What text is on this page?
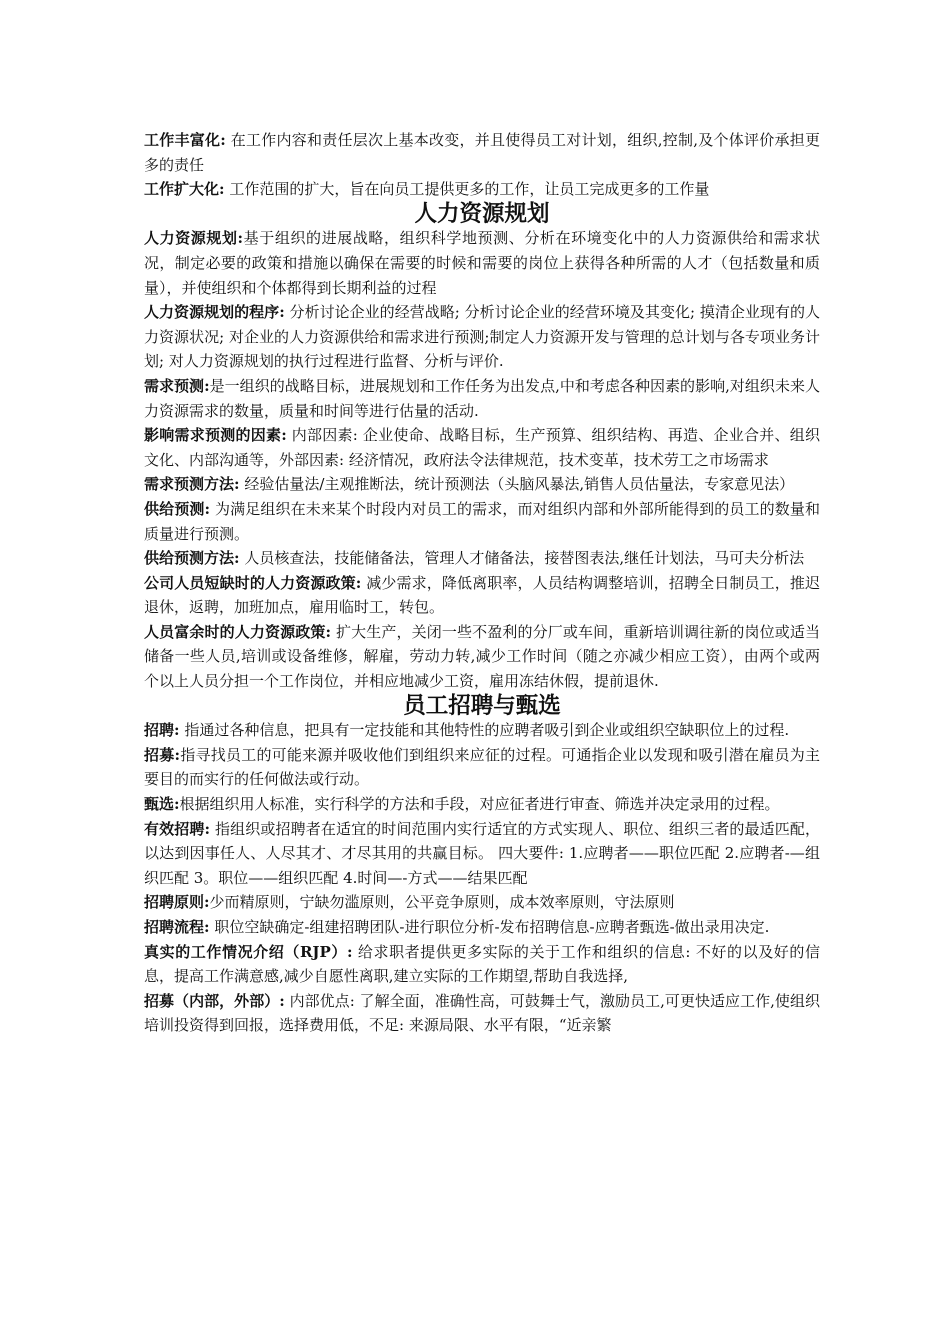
工作丰富化: 在工作内容和责任层次上基本改变，并且使得员工对计划，组织,控制,及个体评价承担更多的责任

工作扩大化: 工作范围的扩大，旨在向员工提供更多的工作，让员工完成更多的工作量

人力资源规划

人力资源规划:基于组织的进展战略，组织科学地预测、分析在环境变化中的人力资源供给和需求状况，制定必要的政策和措施以确保在需要的时候和需要的岗位上获得各种所需的人才（包括数量和质量），并使组织和个体都得到长期利益的过程

人力资源规划的程序: 分析讨论企业的经营战略; 分析讨论企业的经营环境及其变化; 摸清企业现有的人力资源状况; 对企业的人力资源供给和需求进行预测;制定人力资源开发与管理的总计划与各专项业务计划; 对人力资源规划的执行过程进行监督、分析与评价.

需求预测:是一组织的战略目标，进展规划和工作任务为出发点,中和考虑各种因素的影响,对组织未来人力资源需求的数量，质量和时间等进行估量的活动.

影响需求预测的因素: 内部因素: 企业使命、战略目标，生产预算、组织结构、再造、企业合并、组织文化、内部沟通等，外部因素: 经济情况，政府法令法律规范，技术变革，技术劳工之市场需求

需求预测方法: 经验估量法/主观推断法，统计预测法（头脑风暴法,销售人员估量法，专家意见法）

供给预测: 为满足组织在未来某个时段内对员工的需求，而对组织内部和外部所能得到的员工的数量和质量进行预测。

供给预测方法: 人员核查法，技能储备法，管理人才储备法，接替图表法,继任计划法，马可夫分析法

公司人员短缺时的人力资源政策: 减少需求，降低离职率，人员结构调整培训，招聘全日制员工，推迟退休，返聘，加班加点，雇用临时工，转包。

人员富余时的人力资源政策: 扩大生产，关闭一些不盈利的分厂或车间，重新培训调往新的岗位或适当储备一些人员,培训或设备维修，解雇，劳动力转,减少工作时间（随之亦减少相应工资），由两个或两个以上人员分担一个工作岗位，并相应地减少工资，雇用冻结休假，提前退休.

员工招聘与甄选

招聘: 指通过各种信息，把具有一定技能和其他特性的应聘者吸引到企业或组织空缺职位上的过程.

招募:指寻找员工的可能来源并吸收他们到组织来应征的过程。可通指企业以发现和吸引潜在雇员为主要目的而实行的任何做法或行动。

甄选:根据组织用人标准，实行科学的方法和手段，对应征者进行审查、筛选并决定录用的过程。

有效招聘: 指组织或招聘者在适宜的时间范围内实行适宜的方式实现人、职位、组织三者的最适匹配，以达到因事任人、人尽其才、才尽其用的共赢目标。 四大要件: 1.应聘者——职位匹配 2.应聘者-—组织匹配 3。职位——组织匹配 4.时间—-方式——结果匹配

招聘原则:少而精原则，宁缺勿滥原则，公平竞争原则，成本效率原则，守法原则

招聘流程: 职位空缺确定-组建招聘团队-进行职位分析-发布招聘信息-应聘者甄选-做出录用决定.

真实的工作情况介绍（RJP）: 给求职者提供更多实际的关于工作和组织的信息: 不好的以及好的信息，提高工作满意感,减少自愿性离职,建立实际的工作期望,帮助自我选择,

招募（内部，外部）: 内部优点: 了解全面，准确性高，可鼓舞士气，激励员工,可更快适应工作,使组织培训投资得到回报，选择费用低，不足: 来源局限、水平有限，“近亲繁
